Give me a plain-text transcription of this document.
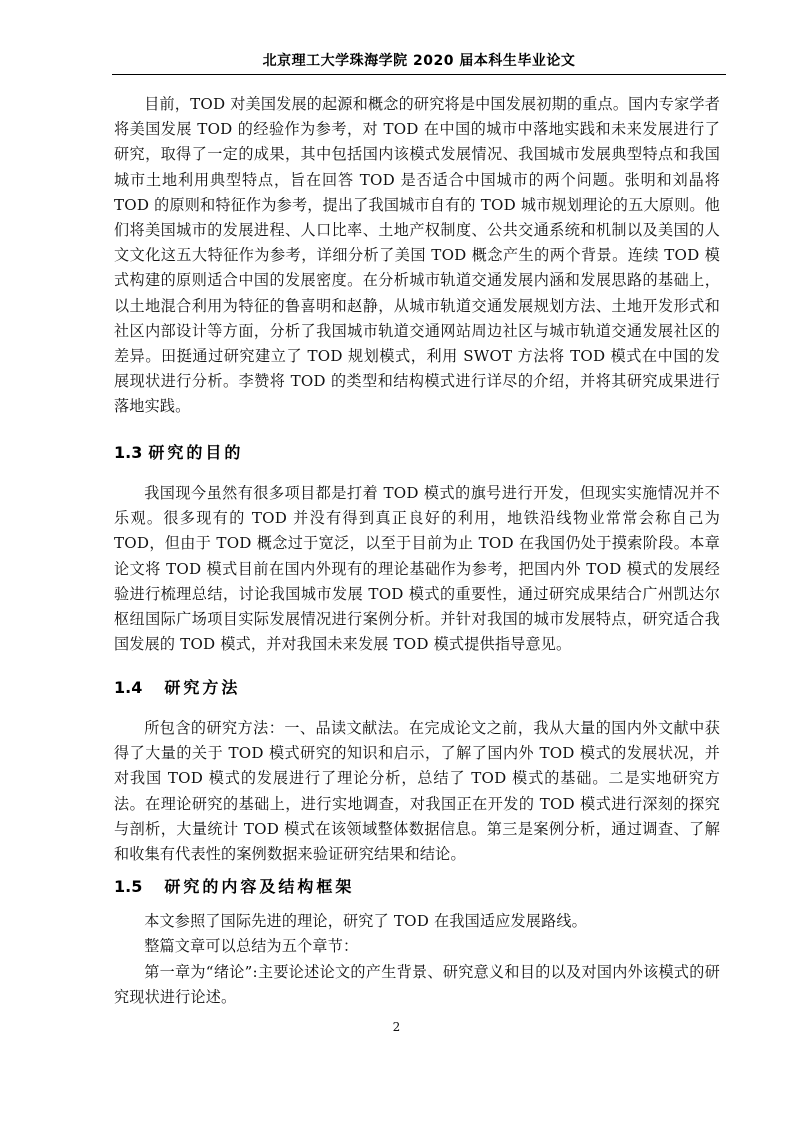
北京理工大学珠海学院 2020 届本科生毕业论文

目前，TOD 对美国发展的起源和概念的研究将是中国发展初期的重点。国内专家学者将美国发展 TOD 的经验作为参考，对 TOD 在中国的城市中落地实践和未来发展进行了研究，取得了一定的成果，其中包括国内该模式发展情况、我国城市发展典型特点和我国城市土地利用典型特点，旨在回答 TOD 是否适合中国城市的两个问题。张明和刘晶将 TOD 的原则和特征作为参考，提出了我国城市自有的 TOD 城市规划理论的五大原则。他们将美国城市的发展进程、人口比率、土地产权制度、公共交通系统和机制以及美国的人文文化这五大特征作为参考，详细分析了美国 TOD 概念产生的两个背景。连续 TOD 模式构建的原则适合中国的发展密度。在分析城市轨道交通发展内涵和发展思路的基础上，以土地混合利用为特征的鲁喜明和赵静，从城市轨道交通发展规划方法、土地开发形式和社区内部设计等方面，分析了我国城市轨道交通网站周边社区与城市轨道交通发展社区的差异。田挺通过研究建立了 TOD 规划模式，利用 SWOT 方法将 TOD 模式在中国的发展现状进行分析。李赞将 TOD 的类型和结构模式进行详尽的介绍，并将其研究成果进行落地实践。

1.3 研究的目的

我国现今虽然有很多项目都是打着 TOD 模式的旗号进行开发，但现实实施情况并不乐观。很多现有的 TOD 并没有得到真正良好的利用，地铁沿线物业常常会称自己为 TOD，但由于 TOD 概念过于宽泛，以至于目前为止 TOD 在我国仍处于摸索阶段。本章论文将 TOD 模式目前在国内外现有的理论基础作为参考，把国内外 TOD 模式的发展经验进行梳理总结，讨论我国城市发展 TOD 模式的重要性，通过研究成果结合广州凯达尔枢纽国际广场项目实际发展情况进行案例分析。并针对我国的城市发展特点，研究适合我国发展的 TOD 模式，并对我国未来发展 TOD 模式提供指导意见。

1.4 研究方法

所包含的研究方法：一、品读文献法。在完成论文之前，我从大量的国内外文献中获得了大量的关于 TOD 模式研究的知识和启示，了解了国内外 TOD 模式的发展状况，并对我国 TOD 模式的发展进行了理论分析，总结了 TOD 模式的基础。二是实地研究方法。在理论研究的基础上，进行实地调查，对我国正在开发的 TOD 模式进行深刻的探究与剖析，大量统计 TOD 模式在该领域整体数据信息。第三是案例分析，通过调查、了解和收集有代表性的案例数据来验证研究结果和结论。

1.5 研究的内容及结构框架

本文参照了国际先进的理论，研究了 TOD 在我国适应发展路线。

整篇文章可以总结为五个章节：

第一章为“绪论”:主要论述论文的产生背景、研究意义和目的以及对国内外该模式的研究现状进行论述。

2
